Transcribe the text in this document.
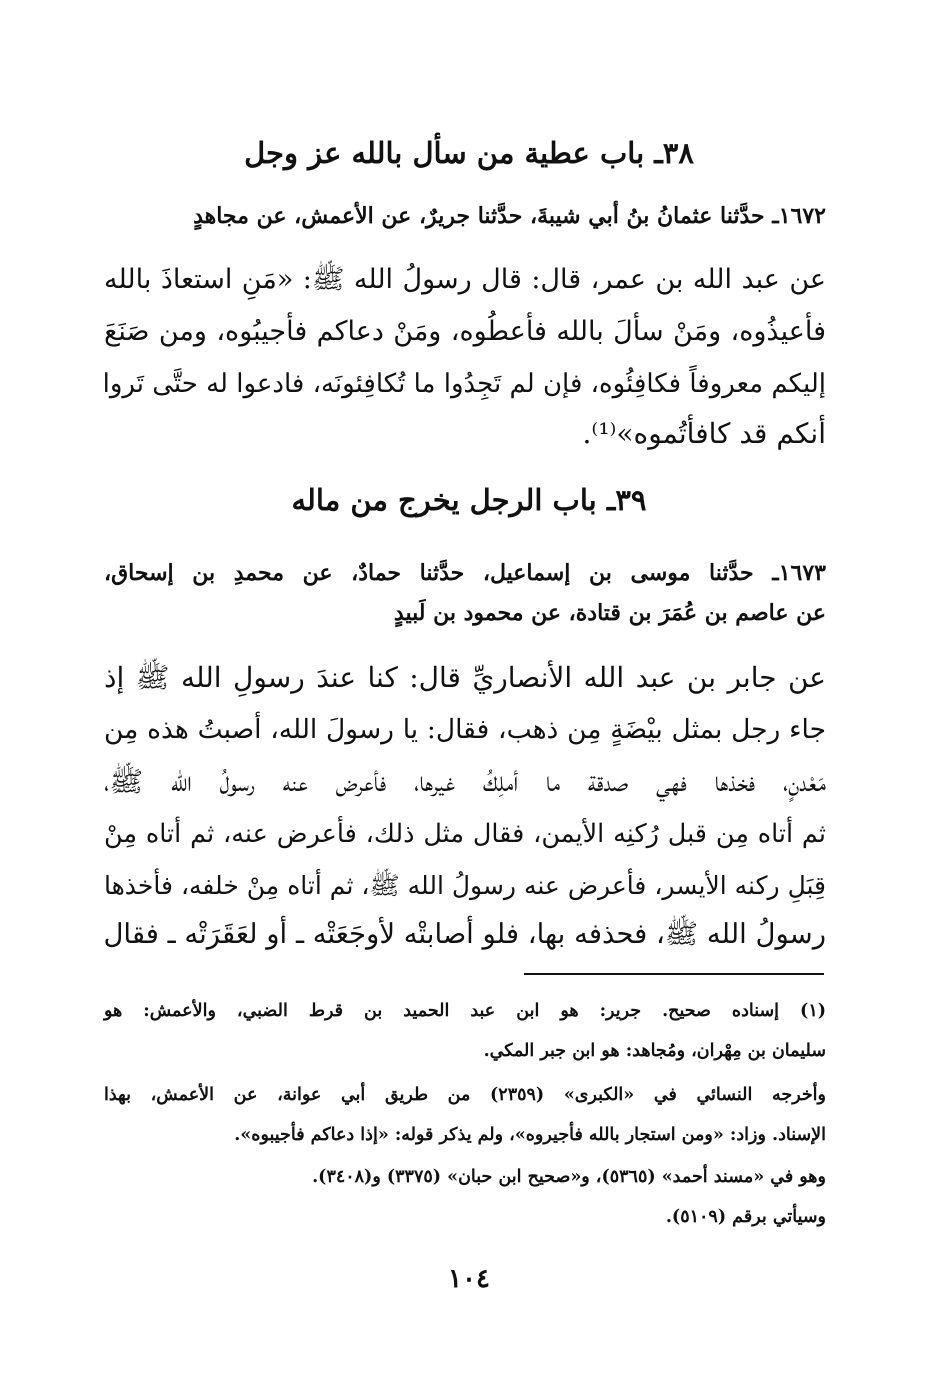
٣٨ـ باب عطية من سأل بالله عز وجل
١٦٧٢ـ حدَّثنا عثمانُ بنُ أبي شيبةَ، حدَّثنا جريرٌ، عن الأعمش، عن مجاهدٍ
عن عبد الله بن عمر، قال: قال رسولُ الله ﷺ: «مَنِ استعاذَ بالله
فأعيذُوه، ومَنْ سألَ بالله فأعطُوه، ومَنْ دعاكم فأجيبُوه، ومن صَنَعَ
إليكم معروفاً فكافِئُوه، فإن لم تَجِدُوا ما تُكافِئونَه، فادعوا له حتَّى تَروا
أنكم قد كافأتُموه»⁽¹⁾.
٣٩ـ باب الرجل يخرج من ماله
١٦٧٣ـ حدَّثنا موسى بن إسماعيل، حدَّثنا حمادٌ، عن محمدِ بن إسحاق،
عن عاصم بن عُمَرَ بن قتادة، عن محمود بن لَبيدٍ
عن جابر بن عبد الله الأنصاريِّ قال: كنا عندَ رسولِ الله ﷺ إذ
جاء رجل بمثل بيْضَةٍ مِن ذهب، فقال: يا رسولَ الله، أصبتُ هذه مِن
مَعْدنٍ، فخذها فهي صدقة ما أملِكُ غيرها، فأعرض عنه رسولُ الله ﷺ،
ثم أتاه مِن قبل رُكنِه الأيمن، فقال مثل ذلك، فأعرض عنه، ثم أتاه مِنْ
قِبَلِ ركنه الأيسر، فأعرض عنه رسولُ الله ﷺ، ثم أتاه مِنْ خلفه، فأخذها
رسولُ الله ﷺ، فحذفه بها، فلو أصابتْه لأوجَعَتْه ـ أو لعَقَرَتْه ـ فقال
(١) إسناده صحيح. جرير: هو ابن عبد الحميد بن قرط الضبي، والأعمش: هو
سليمان بن مِهْران، ومُجاهد: هو ابن جبر المكي.
وأخرجه النسائي في «الكبرى» (٢٣٥٩) من طريق أبي عوانة، عن الأعمش، بهذا
الإسناد. وزاد: «ومن استجار بالله فأجيروه»، ولم يذكر قوله: «إذا دعاكم فأجيبوه».
وهو في «مسند أحمد» (٥٣٦٥)، و«صحيح ابن حبان» (٣٣٧٥) و(٣٤٠٨).
وسيأتي برقم (٥١٠٩).
١٠٤
